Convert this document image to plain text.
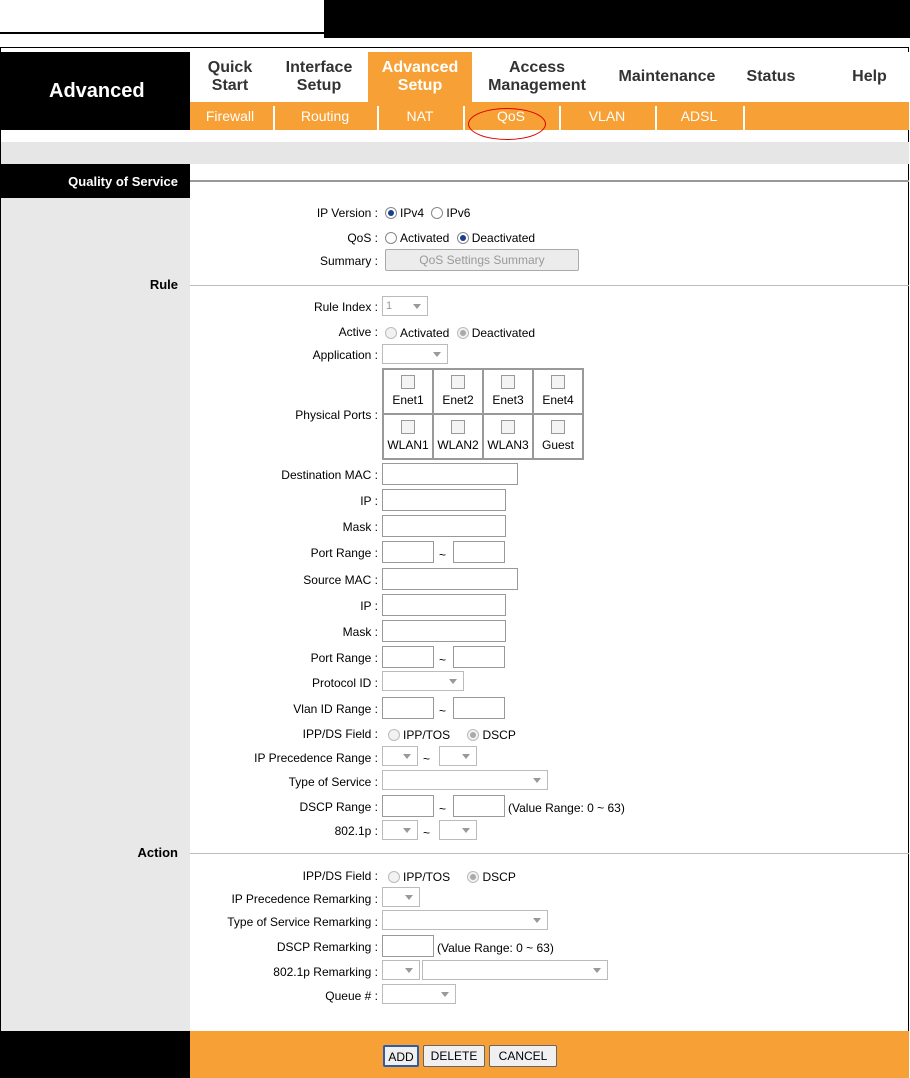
Advanced
Quick
Start
Interface
Setup
Advanced
Setup
Access
Management
Maintenance	Status	Help
Firewall	Routing	NAT	QoS	VLAN	ADSL
Quality of Service
IP Version :	IPv4 IPv6
QoS :	Activated Deactivated
Summary :	QoS Settings Summary
Rule
Rule Index : 1
Active :	Activated Deactivated
Application :
Physical Ports :
Enet1	Enet2	Enet3	Enet4
WLAN1 WLAN2 WLAN3	Guest
Destination MAC :
IP :
Mask :
Port Range :	~
Source MAC :
IP :
Mask :
Port Range :	~
Protocol ID :
Vlan ID Range :	~
IPP/DS Field :	IPP/TOS	DSCP
IP Precedence Range :	~
Type of Service :
DSCP Range :	~	(Value Range: 0 ~ 63)
802.1p :	~
Action
IPP/DS Field :	IPP/TOS	DSCP
IP Precedence Remarking :
Type of Service Remarking :
DSCP Remarking :	(Value Range: 0 ~ 63)
802.1p Remarking :
Queue # :
ADD	DELETE	CANCEL
